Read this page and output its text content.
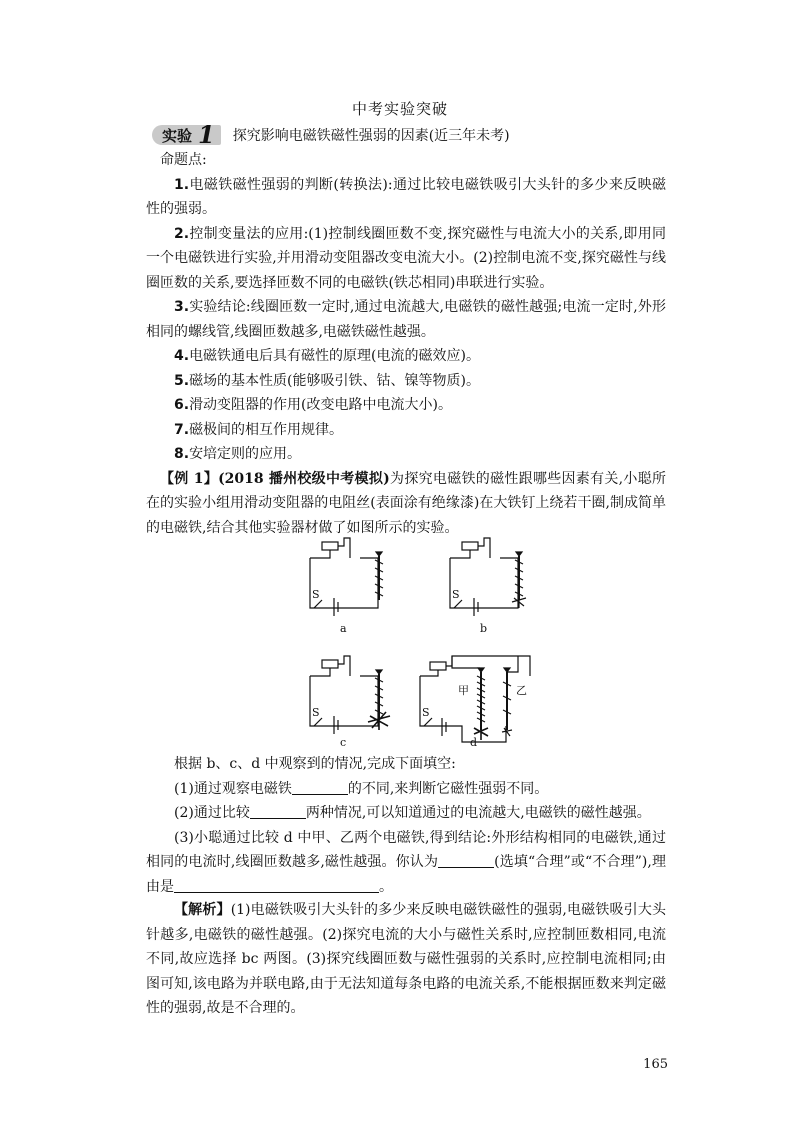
中考实验突破
实验 1 探究影响电磁铁磁性强弱的因素(近三年未考)

命题点:

1.电磁铁磁性强弱的判断(转换法):通过比较电磁铁吸引大头针的多少来反映磁性的强弱。

2.控制变量法的应用:(1)控制线圈匝数不变,探究磁性与电流大小的关系,即用同一个电磁铁进行实验,并用滑动变阻器改变电流大小。(2)控制电流不变,探究磁性与线圈匝数的关系,要选择匝数不同的电磁铁(铁芯相同)串联进行实验。

3.实验结论:线圈匝数一定时,通过电流越大,电磁铁的磁性越强;电流一定时,外形相同的螺线管,线圈匝数越多,电磁铁磁性越强。

4.电磁铁通电后具有磁性的原理(电流的磁效应)。

5.磁场的基本性质(能够吸引铁、钴、镍等物质)。

6.滑动变阻器的作用(改变电路中电流大小)。

7.磁极间的相互作用规律。

8.安培定则的应用。

【例 1】(2018 播州校级中考模拟)为探究电磁铁的磁性跟哪些因素有关,小聪所在的实验小组用滑动变阻器的电阻丝(表面涂有绝缘漆)在大铁钉上绕若干圈,制成简单的电磁铁,结合其他实验器材做了如图所示的实验。

S	S
S	S
a	b
c	d
甲	乙

根据 b、c、d 中观察到的情况,完成下面填空:

(1)通过观察电磁铁	的不同,来判断它磁性强弱不同。

(2)通过比较	两种情况,可以知道通过的电流越大,电磁铁的磁性越强。

(3)小聪通过比较 d 中甲、乙两个电磁铁,得到结论:外形结构相同的电磁铁,通过相同的电流时,线圈匝数越多,磁性越强。你认为	(选填“合理”或“不合理”),理由是	。

【解析】(1)电磁铁吸引大头针的多少来反映电磁铁磁性的强弱,电磁铁吸引大头针越多,电磁铁的磁性越强。(2)探究电流的大小与磁性关系时,应控制匝数相同,电流不同,故应选择 bc 两图。(3)探究线圈匝数与磁性强弱的关系时,应控制电流相同;由图可知,该电路为并联电路,由于无法知道每条电路的电流关系,不能根据匝数来判定磁性的强弱,故是不合理的。

165
